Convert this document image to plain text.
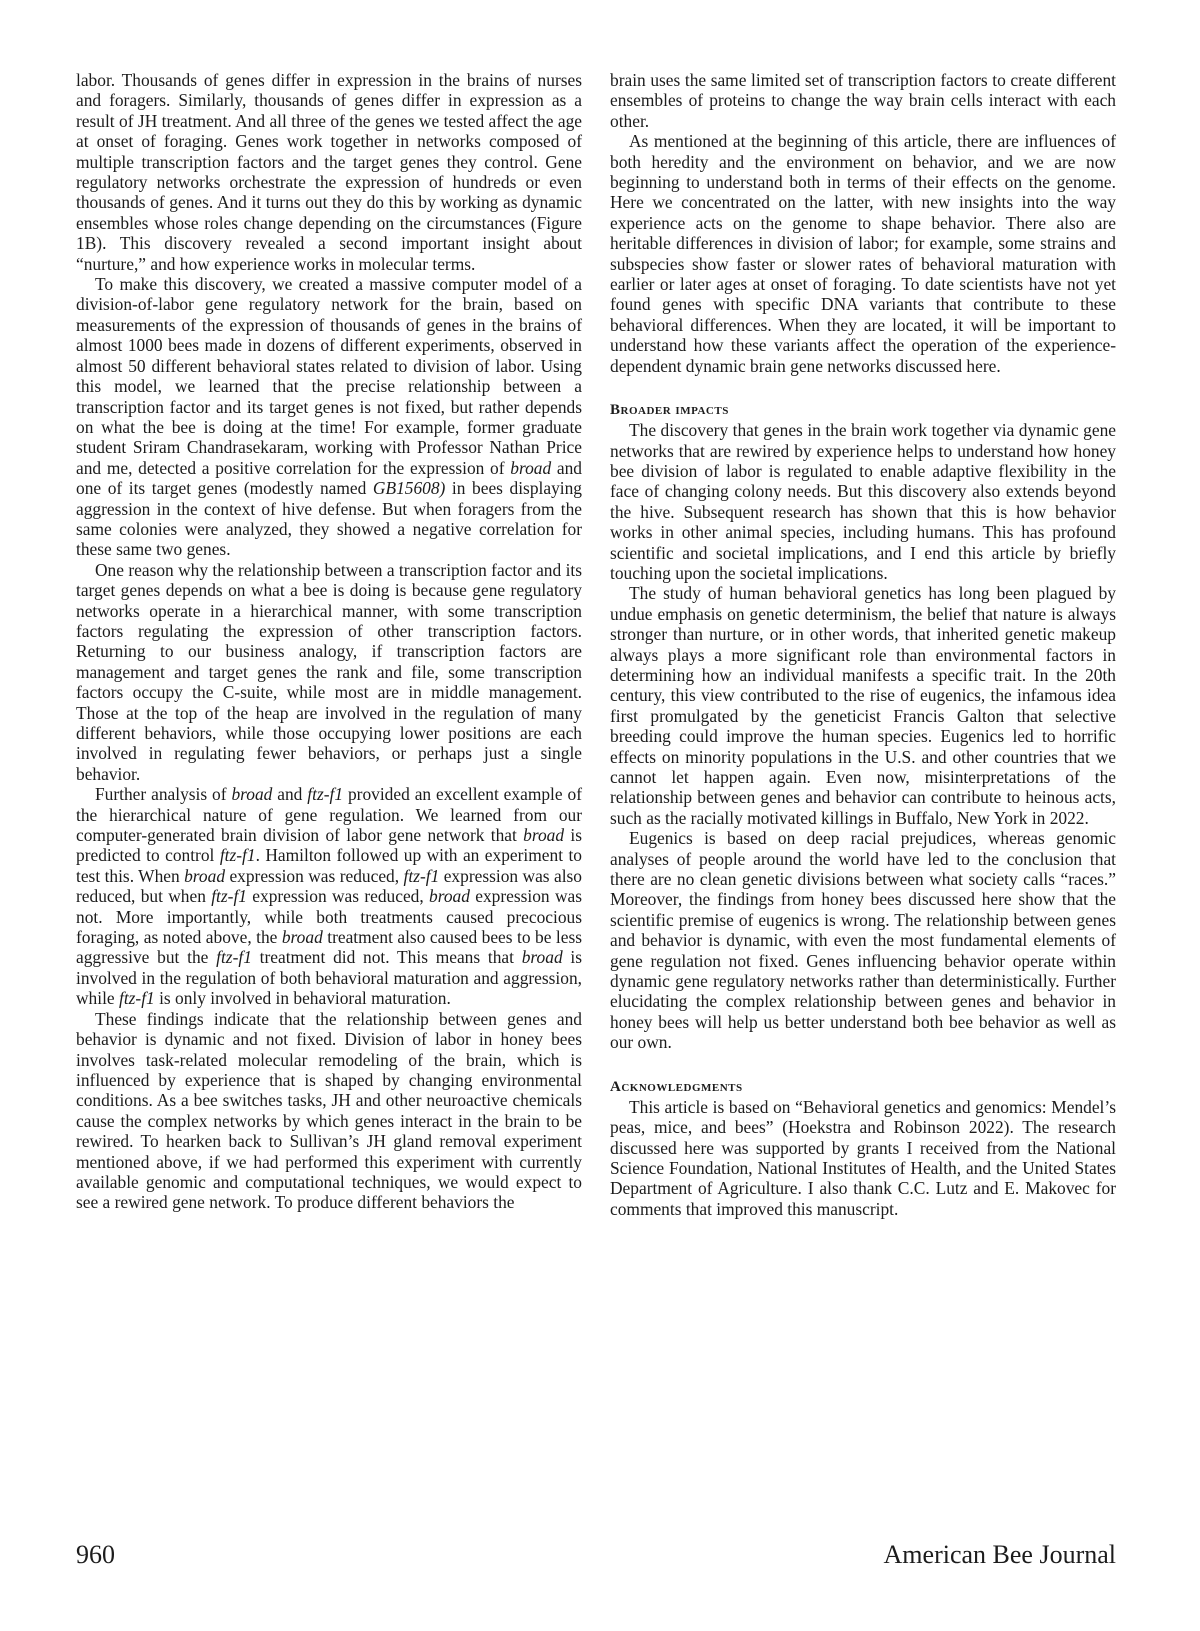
labor. Thousands of genes differ in expression in the brains of nurses and foragers. Similarly, thousands of genes differ in expression as a result of JH treatment. And all three of the genes we tested affect the age at onset of foraging. Genes work together in networks composed of multiple transcription factors and the target genes they control. Gene regulatory networks orchestrate the expression of hundreds or even thousands of genes. And it turns out they do this by working as dynamic ensembles whose roles change depending on the circumstances (Figure 1B). This discovery revealed a second important insight about “nurture,” and how experience works in molecular terms.

To make this discovery, we created a massive computer model of a division-of-labor gene regulatory network for the brain, based on measurements of the expression of thousands of genes in the brains of almost 1000 bees made in dozens of different experiments, observed in almost 50 different behavioral states related to division of labor. Using this model, we learned that the precise relationship between a transcription factor and its target genes is not fixed, but rather depends on what the bee is doing at the time! For example, former graduate student Sriram Chandrasekaram, working with Professor Nathan Price and me, detected a positive correlation for the expression of broad and one of its target genes (modestly named GB15608) in bees displaying aggression in the context of hive defense. But when foragers from the same colonies were analyzed, they showed a negative correlation for these same two genes.

One reason why the relationship between a transcription factor and its target genes depends on what a bee is doing is because gene regulatory networks operate in a hierarchical manner, with some transcription factors regulating the expression of other transcription factors. Returning to our business analogy, if transcription factors are management and target genes the rank and file, some transcription factors occupy the C-suite, while most are in middle management. Those at the top of the heap are involved in the regulation of many different behaviors, while those occupying lower positions are each involved in regulating fewer behaviors, or perhaps just a single behavior.

Further analysis of broad and ftz-f1 provided an excellent example of the hierarchical nature of gene regulation. We learned from our computer-generated brain division of labor gene network that broad is predicted to control ftz-f1. Hamilton followed up with an experiment to test this. When broad expression was reduced, ftz-f1 expression was also reduced, but when ftz-f1 expression was reduced, broad expression was not. More importantly, while both treatments caused precocious foraging, as noted above, the broad treatment also caused bees to be less aggressive but the ftz-f1 treatment did not. This means that broad is involved in the regulation of both behavioral maturation and aggression, while ftz-f1 is only involved in behavioral maturation.

These findings indicate that the relationship between genes and behavior is dynamic and not fixed. Division of labor in honey bees involves task-related molecular remodeling of the brain, which is influenced by experience that is shaped by changing environmental conditions. As a bee switches tasks, JH and other neuroactive chemicals cause the complex networks by which genes interact in the brain to be rewired. To hearken back to Sullivan’s JH gland removal experiment mentioned above, if we had performed this experiment with currently available genomic and computational techniques, we would expect to see a rewired gene network. To produce different behaviors the

brain uses the same limited set of transcription factors to create different ensembles of proteins to change the way brain cells interact with each other.

As mentioned at the beginning of this article, there are influences of both heredity and the environment on behavior, and we are now beginning to understand both in terms of their effects on the genome. Here we concentrated on the latter, with new insights into the way experience acts on the genome to shape behavior. There also are heritable differences in division of labor; for example, some strains and subspecies show faster or slower rates of behavioral maturation with earlier or later ages at onset of foraging. To date scientists have not yet found genes with specific DNA variants that contribute to these behavioral differences. When they are located, it will be important to understand how these variants affect the operation of the experience-dependent dynamic brain gene networks discussed here.

Broader impacts

The discovery that genes in the brain work together via dynamic gene networks that are rewired by experience helps to understand how honey bee division of labor is regulated to enable adaptive flexibility in the face of changing colony needs. But this discovery also extends beyond the hive. Subsequent research has shown that this is how behavior works in other animal species, including humans. This has profound scientific and societal implications, and I end this article by briefly touching upon the societal implications.

The study of human behavioral genetics has long been plagued by undue emphasis on genetic determinism, the belief that nature is always stronger than nurture, or in other words, that inherited genetic makeup always plays a more significant role than environmental factors in determining how an individual manifests a specific trait. In the 20th century, this view contributed to the rise of eugenics, the infamous idea first promulgated by the geneticist Francis Galton that selective breeding could improve the human species. Eugenics led to horrific effects on minority populations in the U.S. and other countries that we cannot let happen again. Even now, misinterpretations of the relationship between genes and behavior can contribute to heinous acts, such as the racially motivated killings in Buffalo, New York in 2022.

Eugenics is based on deep racial prejudices, whereas genomic analyses of people around the world have led to the conclusion that there are no clean genetic divisions between what society calls “races.” Moreover, the findings from honey bees discussed here show that the scientific premise of eugenics is wrong. The relationship between genes and behavior is dynamic, with even the most fundamental elements of gene regulation not fixed. Genes influencing behavior operate within dynamic gene regulatory networks rather than deterministically. Further elucidating the complex relationship between genes and behavior in honey bees will help us better understand both bee behavior as well as our own.

Acknowledgments

This article is based on “Behavioral genetics and genomics: Mendel’s peas, mice, and bees” (Hoekstra and Robinson 2022). The research discussed here was supported by grants I received from the National Science Foundation, National Institutes of Health, and the United States Department of Agriculture. I also thank C.C. Lutz and E. Makovec for comments that improved this manuscript.

960	American Bee Journal
